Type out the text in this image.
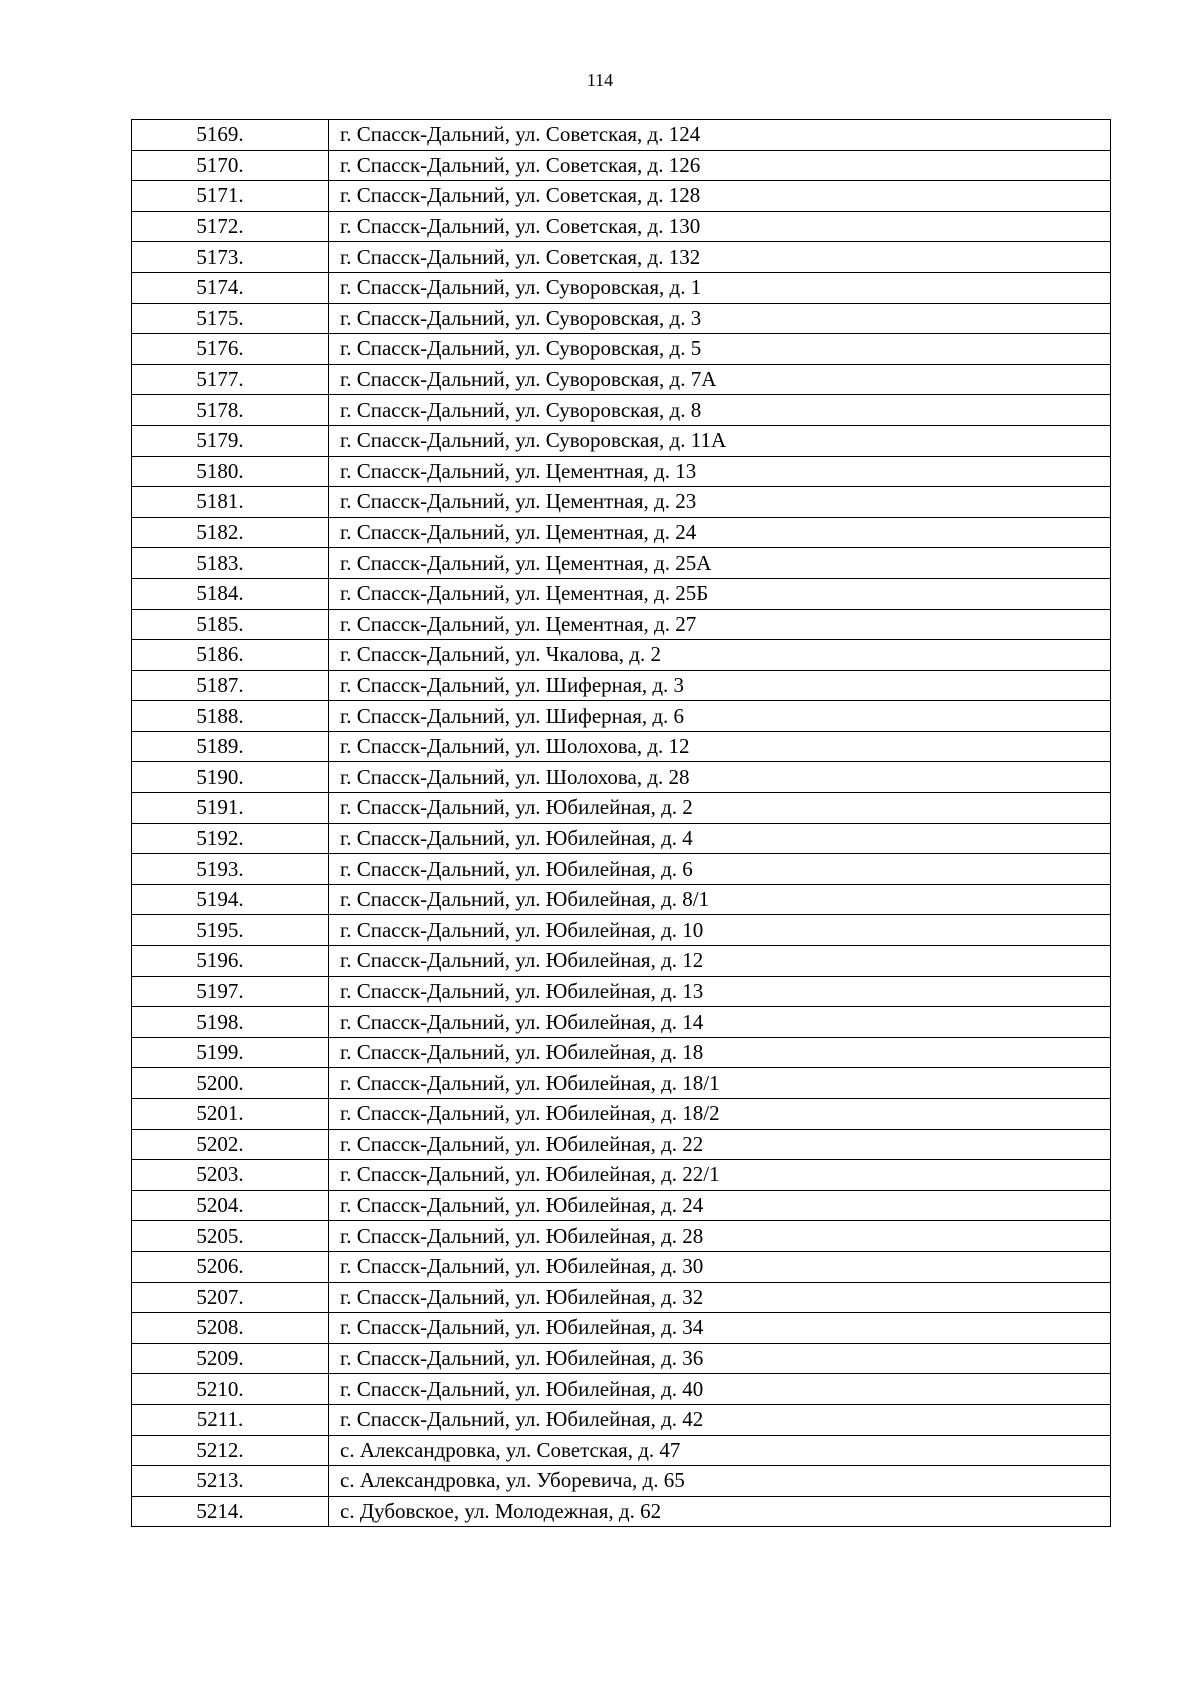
114
5169.	г. Спасск-Дальний, ул. Советская, д. 124
5170.	г. Спасск-Дальний, ул. Советская, д. 126
5171.	г. Спасск-Дальний, ул. Советская, д. 128
5172.	г. Спасск-Дальний, ул. Советская, д. 130
5173.	г. Спасск-Дальний, ул. Советская, д. 132
5174.	г. Спасск-Дальний, ул. Суворовская, д. 1
5175.	г. Спасск-Дальний, ул. Суворовская, д. 3
5176.	г. Спасск-Дальний, ул. Суворовская, д. 5
5177.	г. Спасск-Дальний, ул. Суворовская, д. 7А
5178.	г. Спасск-Дальний, ул. Суворовская, д. 8
5179.	г. Спасск-Дальний, ул. Суворовская, д. 11А
5180.	г. Спасск-Дальний, ул. Цементная, д. 13
5181.	г. Спасск-Дальний, ул. Цементная, д. 23
5182.	г. Спасск-Дальний, ул. Цементная, д. 24
5183.	г. Спасск-Дальний, ул. Цементная, д. 25А
5184.	г. Спасск-Дальний, ул. Цементная, д. 25Б
5185.	г. Спасск-Дальний, ул. Цементная, д. 27
5186.	г. Спасск-Дальний, ул. Чкалова, д. 2
5187.	г. Спасск-Дальний, ул. Шиферная, д. 3
5188.	г. Спасск-Дальний, ул. Шиферная, д. 6
5189.	г. Спасск-Дальний, ул. Шолохова, д. 12
5190.	г. Спасск-Дальний, ул. Шолохова, д. 28
5191.	г. Спасск-Дальний, ул. Юбилейная, д. 2
5192.	г. Спасск-Дальний, ул. Юбилейная, д. 4
5193.	г. Спасск-Дальний, ул. Юбилейная, д. 6
5194.	г. Спасск-Дальний, ул. Юбилейная, д. 8/1
5195.	г. Спасск-Дальний, ул. Юбилейная, д. 10
5196.	г. Спасск-Дальний, ул. Юбилейная, д. 12
5197.	г. Спасск-Дальний, ул. Юбилейная, д. 13
5198.	г. Спасск-Дальний, ул. Юбилейная, д. 14
5199.	г. Спасск-Дальний, ул. Юбилейная, д. 18
5200.	г. Спасск-Дальний, ул. Юбилейная, д. 18/1
5201.	г. Спасск-Дальний, ул. Юбилейная, д. 18/2
5202.	г. Спасск-Дальний, ул. Юбилейная, д. 22
5203.	г. Спасск-Дальний, ул. Юбилейная, д. 22/1
5204.	г. Спасск-Дальний, ул. Юбилейная, д. 24
5205.	г. Спасск-Дальний, ул. Юбилейная, д. 28
5206.	г. Спасск-Дальний, ул. Юбилейная, д. 30
5207.	г. Спасск-Дальний, ул. Юбилейная, д. 32
5208.	г. Спасск-Дальний, ул. Юбилейная, д. 34
5209.	г. Спасск-Дальний, ул. Юбилейная, д. 36
5210.	г. Спасск-Дальний, ул. Юбилейная, д. 40
5211.	г. Спасск-Дальний, ул. Юбилейная, д. 42
5212.	с. Александровка, ул. Советская, д. 47
5213.	с. Александровка, ул. Уборевича, д. 65
5214.	с. Дубовское, ул. Молодежная, д. 62
